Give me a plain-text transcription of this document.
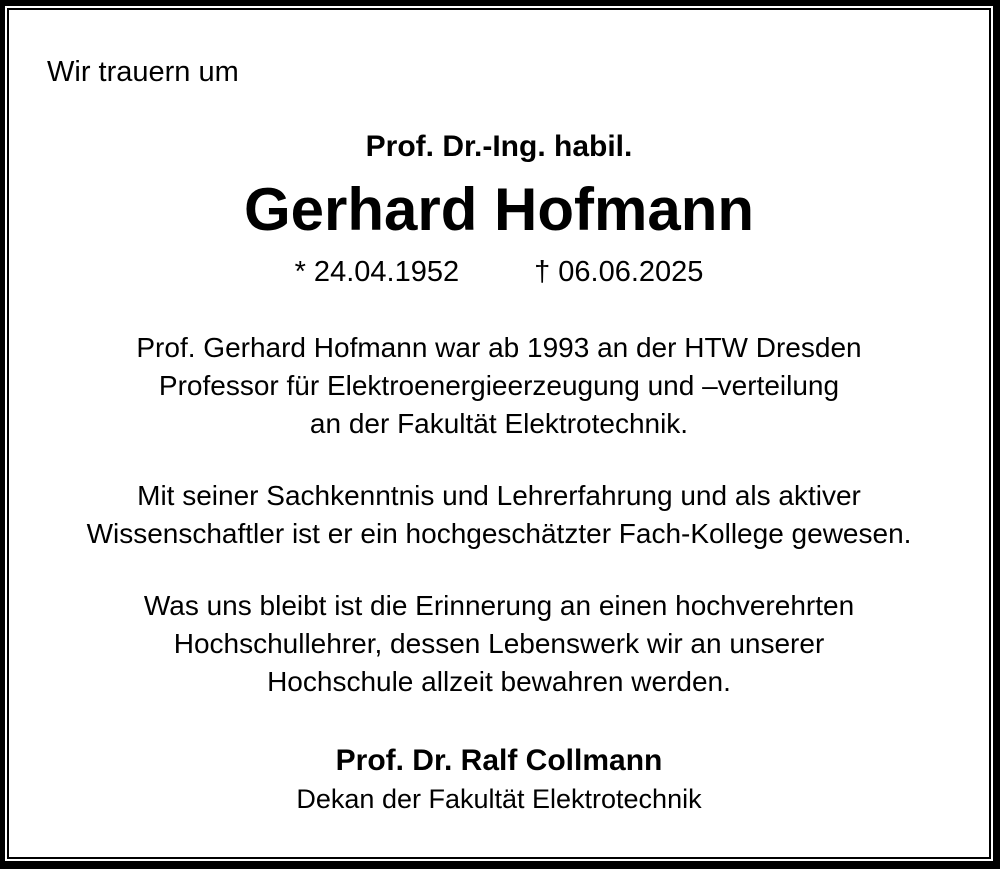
Wir trauern um
Prof. Dr.-Ing. habil.
Gerhard Hofmann
* 24.04.1952	† 06.06.2025
Prof. Gerhard Hofmann war ab 1993 an der HTW Dresden
Professor für Elektroenergieerzeugung und –verteilung
an der Fakultät Elektrotechnik.
Mit seiner Sachkenntnis und Lehrerfahrung und als aktiver
Wissenschaftler ist er ein hochgeschätzter Fach-Kollege gewesen.
Was uns bleibt ist die Erinnerung an einen hochverehrten
Hochschullehrer, dessen Lebenswerk wir an unserer
Hochschule allzeit bewahren werden.
Prof. Dr. Ralf Collmann
Dekan der Fakultät Elektrotechnik
